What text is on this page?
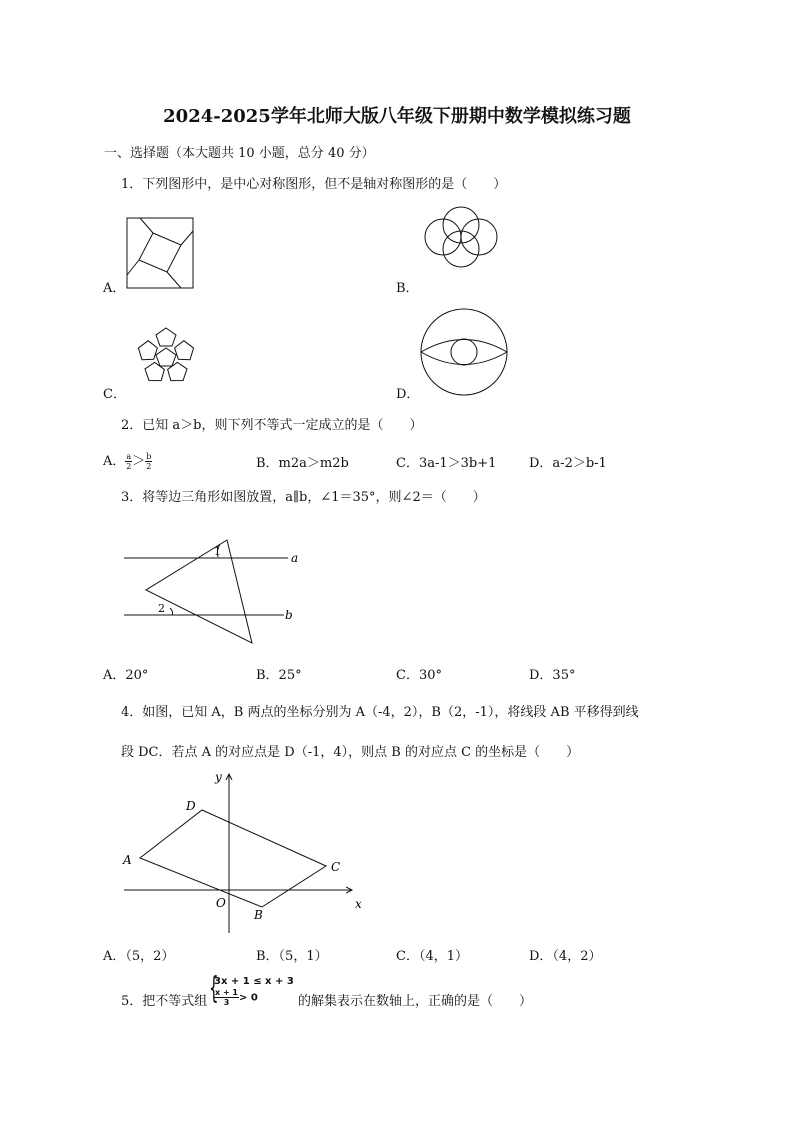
2024-2025学年北师大版八年级下册期中数学模拟练习题
一、选择题（本大题共 10 小题，总分 40 分）
1．下列图形中，是中心对称图形，但不是轴对称图形的是（　　）
A．	B．
C．	D．
2．已知 a＞b，则下列不等式一定成立的是（　　）
A． $\frac{a}{2} > \frac{b}{2}$	B．m2a＞m2b	C．3a-1＞3b+1	D．a-2＞b-1
3．将等边三角形如图放置，a∥b，∠1＝35°，则∠2＝（　　）
a
b
1
2
A．20°	B．25°	C．30°	D．35°
4．如图，已知 A，B 两点的坐标分别为 A（-4，2），B（2，-1），将线段 AB 平移得到线
段 DC．若点 A 的对应点是 D（-1，4），则点 B 的对应点 C 的坐标是（　　）
y
x
O
A
B
C
D
A．（5，2）	B．（5，1）	C．（4，1）	D．（4，2）
5．把不等式组 {
3x + 1 ≤ x + 3
$\frac{x + 1}{3} > 0$	的解集表示在数轴上，正确的是（　　）
